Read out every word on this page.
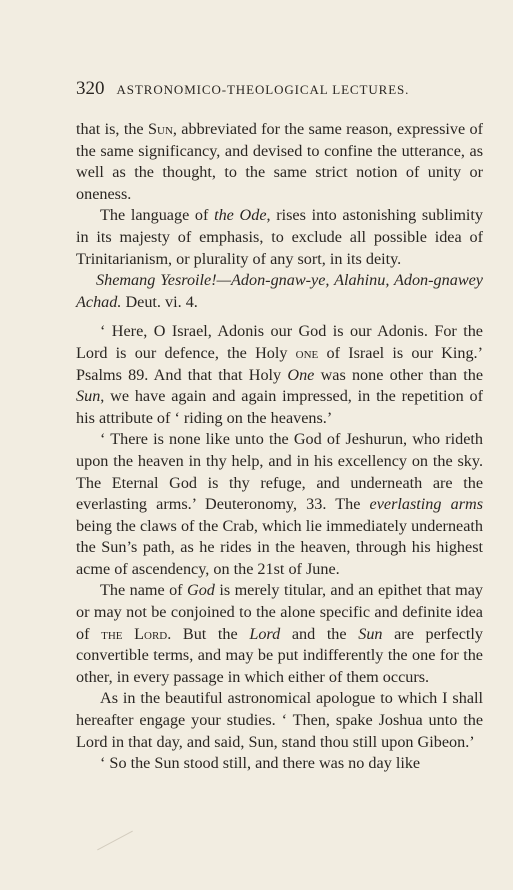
320 ASTRONOMICO-THEOLOGICAL LECTURES.

that is, the Sun, abbreviated for the same reason, expressive of the same significancy, and devised to confine the utterance, as well as the thought, to the same strict notion of unity or oneness.

The language of the Ode, rises into astonishing sublimity in its majesty of emphasis, to exclude all possible idea of Trinitarianism, or plurality of any sort, in its deity.

Shemang Yesroile!—Adon-gnaw-ye, Alahinu, Adon-gnawey Achad. Deut. vi. 4.

‘ Here, O Israel, Adonis our God is our Adonis. For the Lord is our defence, the Holy one of Israel is our King.’ Psalms 89. And that that Holy One was none other than the Sun, we have again and again impressed, in the repetition of his attribute of ‘ riding on the heavens.’

‘ There is none like unto the God of Jeshurun, who rideth upon the heaven in thy help, and in his excellency on the sky. The Eternal God is thy refuge, and underneath are the everlasting arms.’ Deuteronomy, 33. The everlasting arms being the claws of the Crab, which lie immediately underneath the Sun’s path, as he rides in the heaven, through his highest acme of ascendency, on the 21st of June.

The name of God is merely titular, and an epithet that may or may not be conjoined to the alone specific and definite idea of the Lord. But the Lord and the Sun are perfectly convertible terms, and may be put indifferently the one for the other, in every passage in which either of them occurs.

As in the beautiful astronomical apologue to which I shall hereafter engage your studies. ‘ Then, spake Joshua unto the Lord in that day, and said, Sun, stand thou still upon Gibeon.’

‘ So the Sun stood still, and there was no day like
